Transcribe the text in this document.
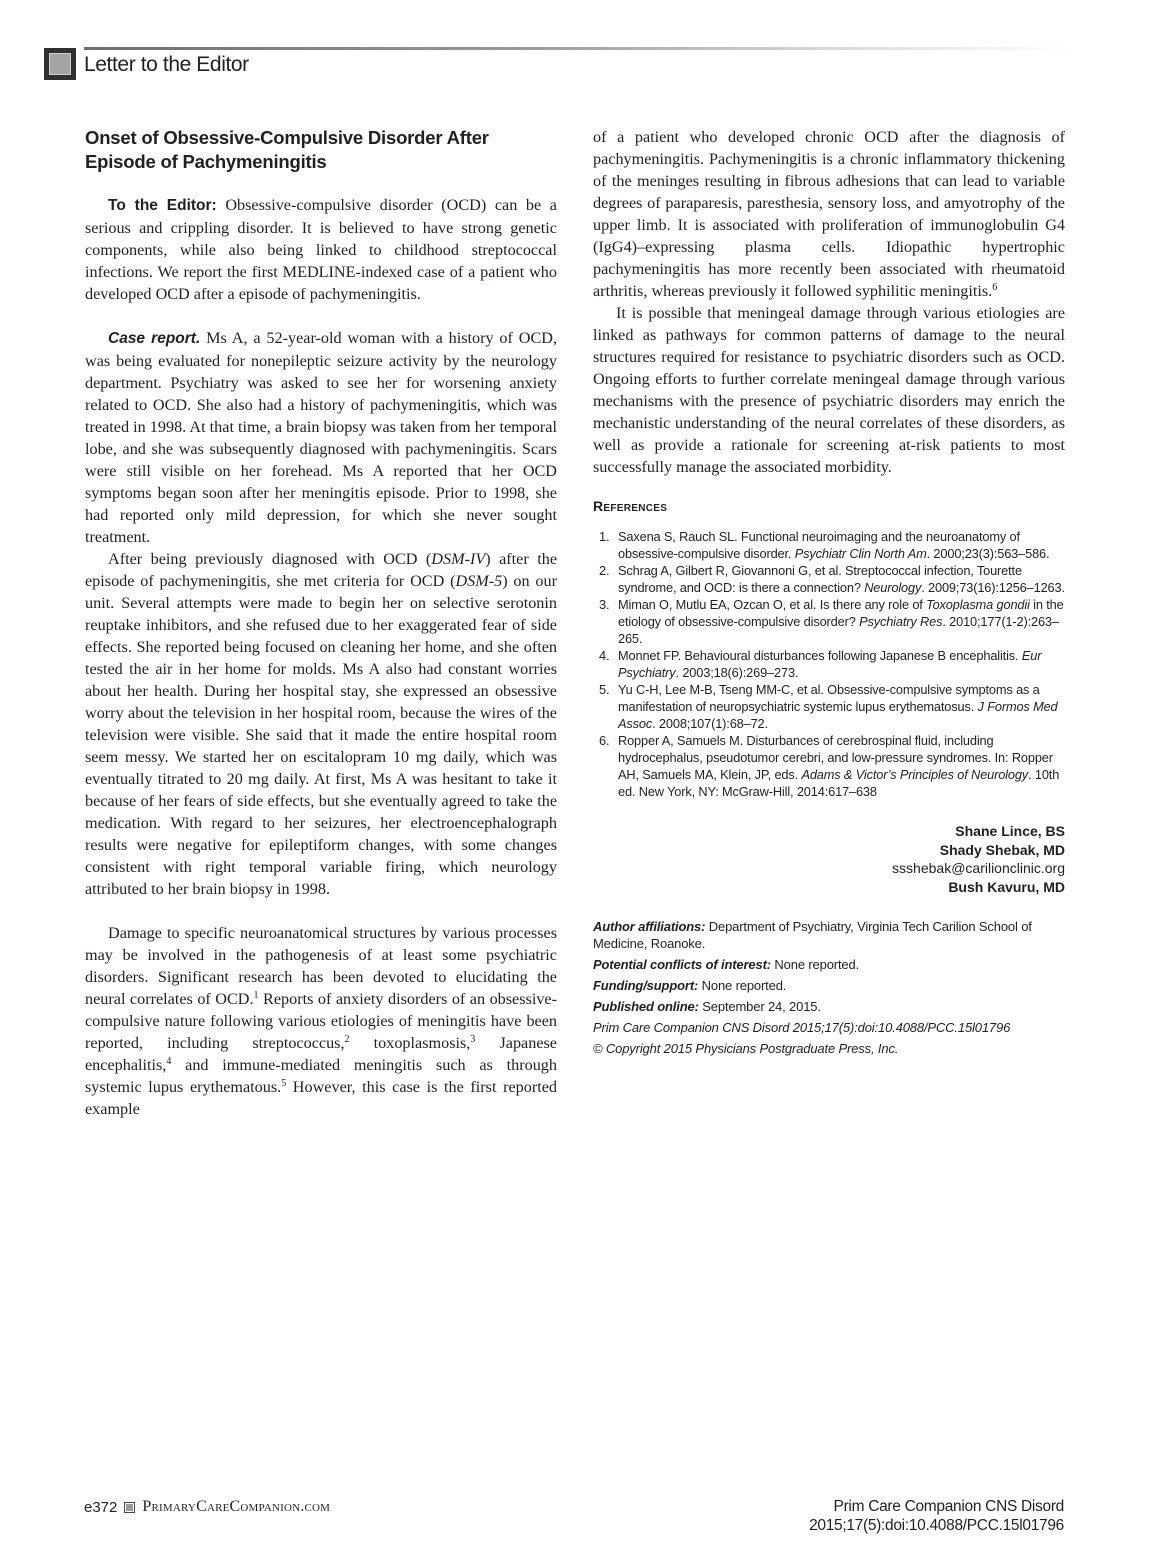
Letter to the Editor
Onset of Obsessive-Compulsive Disorder After
Episode of Pachymeningitis

To the Editor: Obsessive-compulsive disorder (OCD) can be a serious and crippling disorder. It is believed to have strong genetic components, while also being linked to childhood streptococcal infections. We report the first MEDLINE-indexed case of a patient who developed OCD after a episode of pachymeningitis.

Case report. Ms A, a 52-year-old woman with a history of OCD, was being evaluated for nonepileptic seizure activity by the neurology department. Psychiatry was asked to see her for worsening anxiety related to OCD. She also had a history of pachymeningitis, which was treated in 1998. At that time, a brain biopsy was taken from her temporal lobe, and she was subsequently diagnosed with pachymeningitis. Scars were still visible on her forehead. Ms A reported that her OCD symptoms began soon after her meningitis episode. Prior to 1998, she had reported only mild depression, for which she never sought treatment.

After being previously diagnosed with OCD (DSM-IV) after the episode of pachymeningitis, she met criteria for OCD (DSM-5) on our unit. Several attempts were made to begin her on selective serotonin reuptake inhibitors, and she refused due to her exaggerated fear of side effects. She reported being focused on cleaning her home, and she often tested the air in her home for molds. Ms A also had constant worries about her health. During her hospital stay, she expressed an obsessive worry about the television in her hospital room, because the wires of the television were visible. She said that it made the entire hospital room seem messy. We started her on escitalopram 10 mg daily, which was eventually titrated to 20 mg daily. At first, Ms A was hesitant to take it because of her fears of side effects, but she eventually agreed to take the medication. With regard to her seizures, her electroencephalograph results were negative for epileptiform changes, with some changes consistent with right temporal variable firing, which neurology attributed to her brain biopsy in 1998.

Damage to specific neuroanatomical structures by various processes may be involved in the pathogenesis of at least some psychiatric disorders. Significant research has been devoted to elucidating the neural correlates of OCD.$^1$ Reports of anxiety disorders of an obsessive-compulsive nature following various etiologies of meningitis have been reported, including streptococcus,$^2$ toxoplasmosis,$^3$ Japanese encephalitis,$^4$ and immune-mediated meningitis such as through systemic lupus erythematous.$^5$ However, this case is the first reported example

of a patient who developed chronic OCD after the diagnosis of pachymeningitis. Pachymeningitis is a chronic inflammatory thickening of the meninges resulting in fibrous adhesions that can lead to variable degrees of paraparesis, paresthesia, sensory loss, and amyotrophy of the upper limb. It is associated with proliferation of immunoglobulin G4 (IgG4)–expressing plasma cells. Idiopathic hypertrophic pachymeningitis has more recently been associated with rheumatoid arthritis, whereas previously it followed syphilitic meningitis.$^6$

It is possible that meningeal damage through various etiologies are linked as pathways for common patterns of damage to the neural structures required for resistance to psychiatric disorders such as OCD. Ongoing efforts to further correlate meningeal damage through various mechanisms with the presence of psychiatric disorders may enrich the mechanistic understanding of the neural correlates of these disorders, as well as provide a rationale for screening at-risk patients to most successfully manage the associated morbidity.

References
1. Saxena S, Rauch SL. Functional neuroimaging and the neuroanatomy of obsessive-compulsive disorder. Psychiatr Clin North Am. 2000;23(3):563–586.
2. Schrag A, Gilbert R, Giovannoni G, et al. Streptococcal infection, Tourette syndrome, and OCD: is there a connection? Neurology. 2009;73(16):1256–1263.
3. Miman O, Mutlu EA, Ozcan O, et al. Is there any role of Toxoplasma gondii in the etiology of obsessive-compulsive disorder? Psychiatry Res. 2010;177(1-2):263–265.
4. Monnet FP. Behavioural disturbances following Japanese B encephalitis. Eur Psychiatry. 2003;18(6):269–273.
5. Yu C-H, Lee M-B, Tseng MM-C, et al. Obsessive-compulsive symptoms as a manifestation of neuropsychiatric systemic lupus erythematosus. J Formos Med Assoc. 2008;107(1):68–72.
6. Ropper A, Samuels M. Disturbances of cerebrospinal fluid, including hydrocephalus, pseudotumor cerebri, and low-pressure syndromes. In: Ropper AH, Samuels MA, Klein, JP, eds. Adams & Victor’s Principles of Neurology. 10th ed. New York, NY: McGraw-Hill, 2014:617–638
Shane Lince, BS
Shady Shebak, MD
ssshebak@carilionclinic.org
Bush Kavuru, MD

Author affiliations: Department of Psychiatry, Virginia Tech Carilion School of Medicine, Roanoke.

Potential conflicts of interest: None reported.

Funding/support: None reported.

Published online: September 24, 2015.

Prim Care Companion CNS Disord 2015;17(5):doi:10.4088/PCC.15l01796

© Copyright 2015 Physicians Postgraduate Press, Inc.

e372 PrimaryCareCompanion.com	Prim Care Companion CNS Disord
2015;17(5):doi:10.4088/PCC.15l01796
